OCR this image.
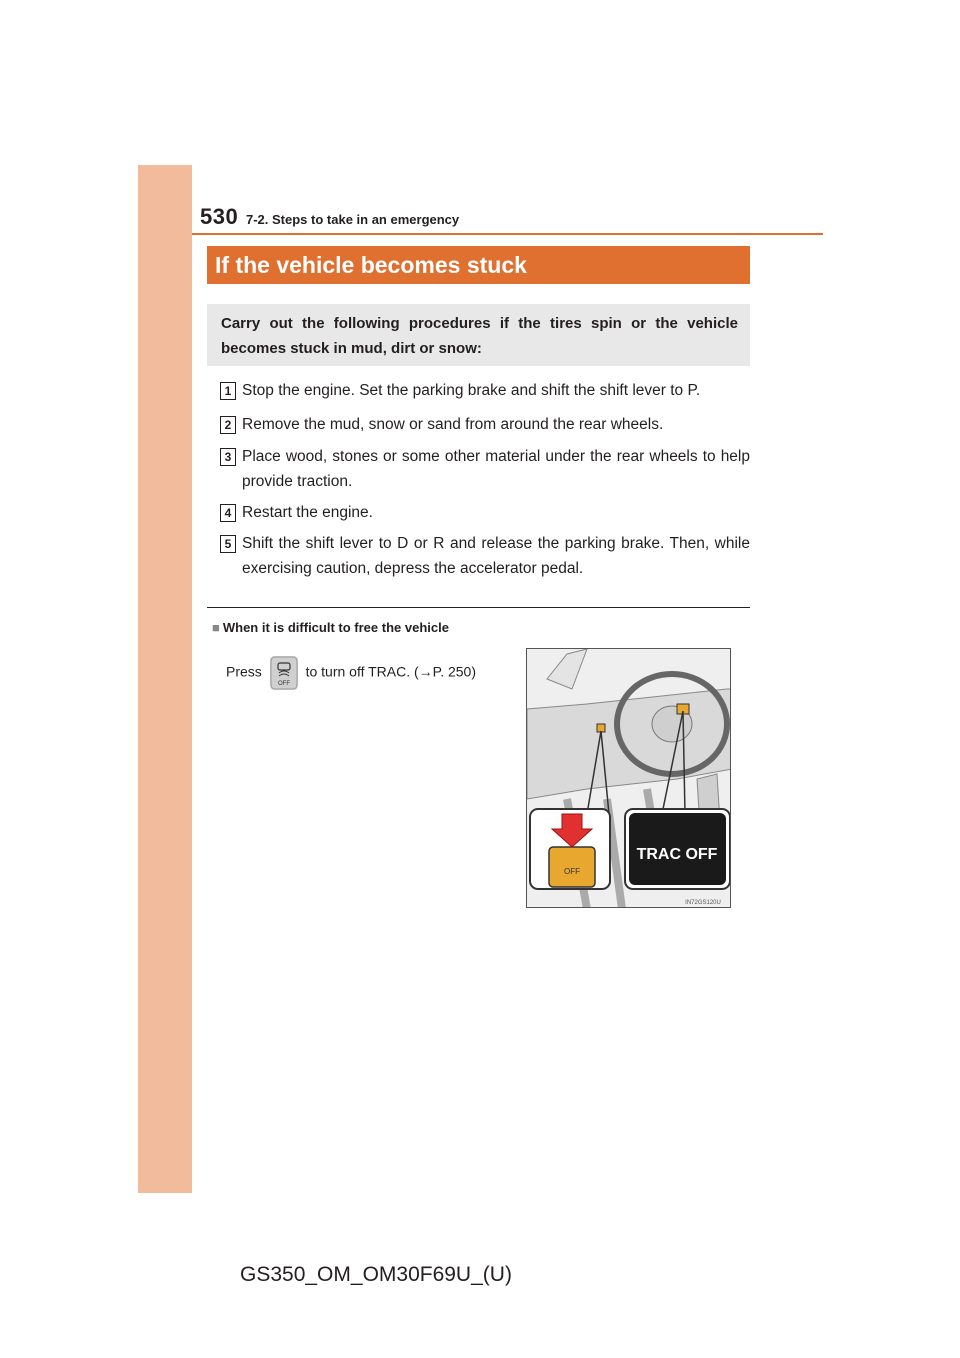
530 7-2. Steps to take in an emergency
If the vehicle becomes stuck
Carry out the following procedures if the tires spin or the vehicle becomes stuck in mud, dirt or snow:
1 Stop the engine. Set the parking brake and shift the shift lever to P.
2 Remove the mud, snow or sand from around the rear wheels.
3 Place wood, stones or some other material under the rear wheels to help provide traction.
4 Restart the engine.
5 Shift the shift lever to D or R and release the parking brake. Then, while exercising caution, depress the accelerator pedal.
■ When it is difficult to free the vehicle
Press
OFF
to turn off TRAC. (→P. 250)
OFF
TRAC OFF
IN72GS120U
GS350_OM_OM30F69U_(U)
